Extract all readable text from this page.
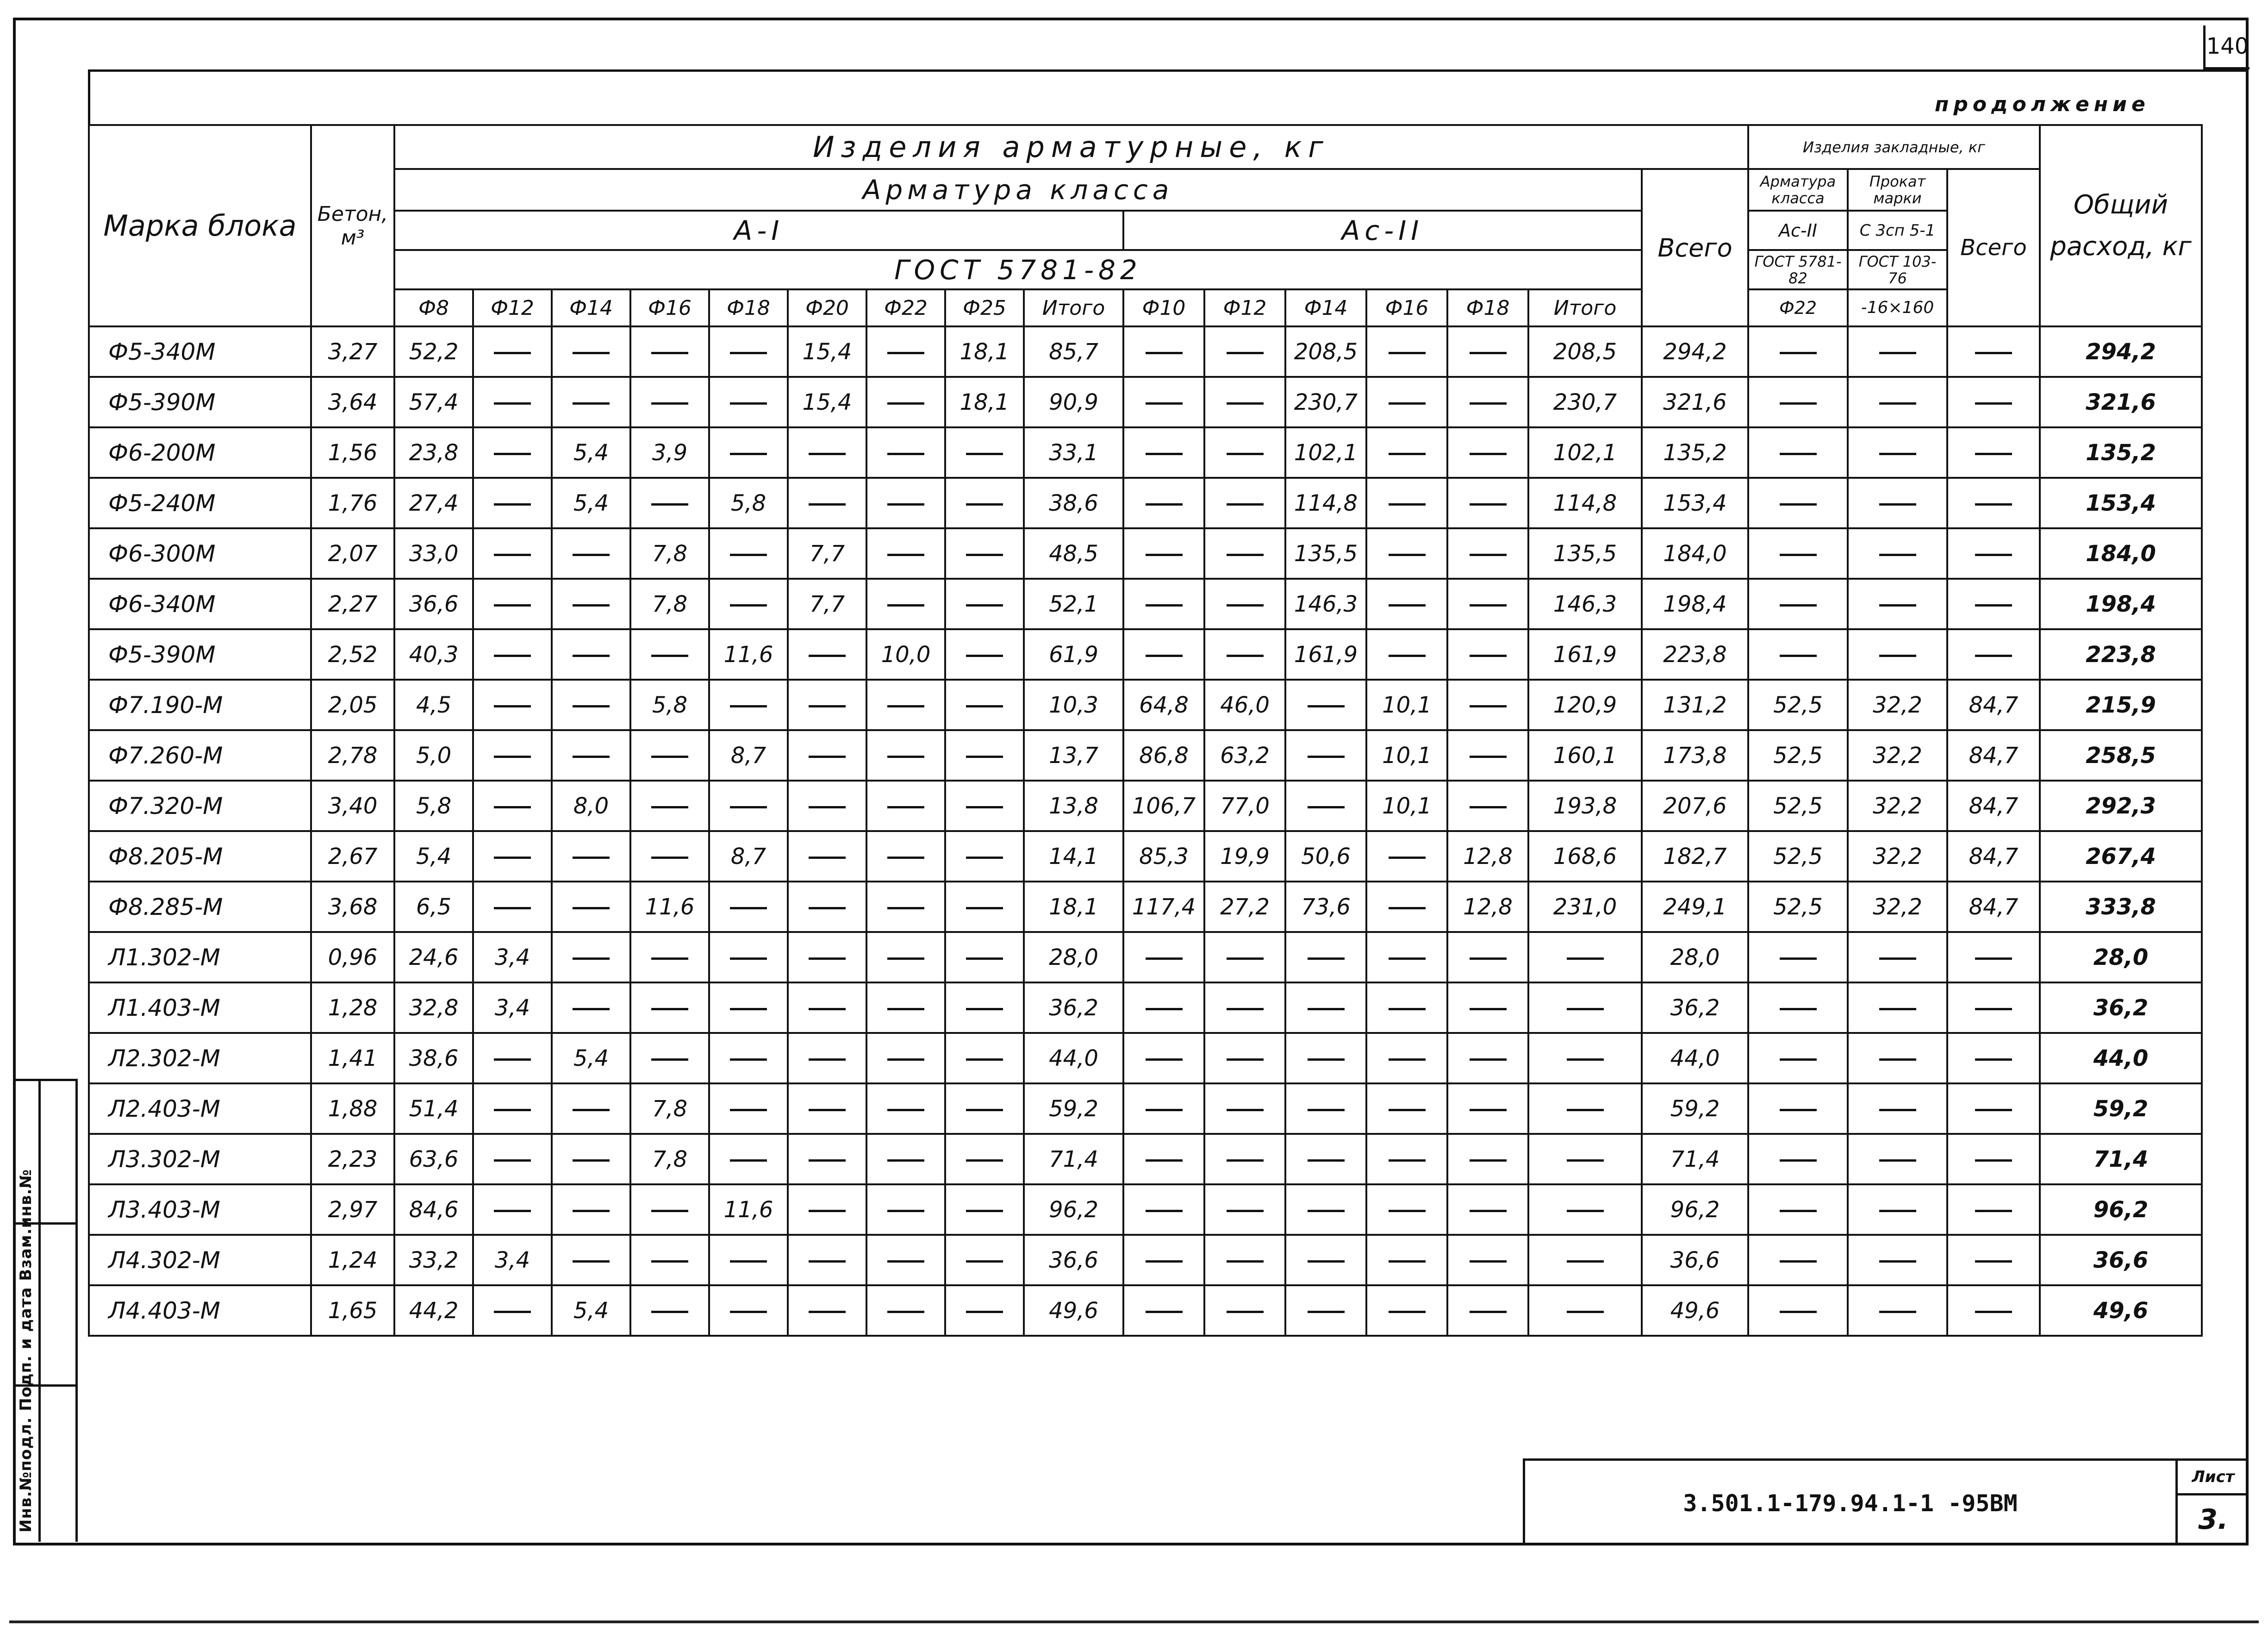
140
Инв.№подл. Подп. и дата Взам.инв.№
продолжение
Марка блока	Бетон, м³	Изделия арматурные, кг																Изделия закладные, кг			Общий расход, кг
		Арматура класса															Всего	Арматура класса	Прокат марки	Всего	
		А-I									Ас-II							Ас-II	С 3сп 5-1		
		ГОСТ 5781-82																ГОСТ 5781-82	ГОСТ 103-76		
		Ф8	Ф12	Ф14	Ф16	Ф18	Ф20	Ф22	Ф25	Итого	Ф10	Ф12	Ф14	Ф16	Ф18	Итого		Ф22	-16×160		
Ф5-340М	3,27	52,2					15,4		18,1	85,7			208,5			208,5	294,2				294,2
Ф5-390М	3,64	57,4					15,4		18,1	90,9			230,7			230,7	321,6				321,6
Ф6-200М	1,56	23,8		5,4	3,9					33,1			102,1			102,1	135,2				135,2
Ф5-240М	1,76	27,4		5,4		5,8				38,6			114,8			114,8	153,4				153,4
Ф6-300М	2,07	33,0			7,8		7,7			48,5			135,5			135,5	184,0				184,0
Ф6-340М	2,27	36,6			7,8		7,7			52,1			146,3			146,3	198,4				198,4
Ф5-390М	2,52	40,3				11,6		10,0		61,9			161,9			161,9	223,8				223,8
Ф7.190-М	2,05	4,5			5,8					10,3	64,8	46,0		10,1		120,9	131,2	52,5	32,2	84,7	215,9
Ф7.260-М	2,78	5,0				8,7				13,7	86,8	63,2		10,1		160,1	173,8	52,5	32,2	84,7	258,5
Ф7.320-М	3,40	5,8		8,0						13,8	106,7	77,0		10,1		193,8	207,6	52,5	32,2	84,7	292,3
Ф8.205-М	2,67	5,4				8,7				14,1	85,3	19,9	50,6		12,8	168,6	182,7	52,5	32,2	84,7	267,4
Ф8.285-М	3,68	6,5			11,6					18,1	117,4	27,2	73,6		12,8	231,0	249,1	52,5	32,2	84,7	333,8
Л1.302-М	0,96	24,6	3,4							28,0							28,0				28,0
Л1.403-М	1,28	32,8	3,4							36,2							36,2				36,2
Л2.302-М	1,41	38,6		5,4						44,0							44,0				44,0
Л2.403-М	1,88	51,4			7,8					59,2							59,2				59,2
Л3.302-М	2,23	63,6			7,8					71,4							71,4				71,4
Л3.403-М	2,97	84,6				11,6				96,2							96,2				96,2
Л4.302-М	1,24	33,2	3,4							36,6							36,6				36,6
Л4.403-М	1,65	44,2		5,4						49,6							49,6				49,6
3.501.1-179.94.1-1 -95ВМ
Лист
3.
